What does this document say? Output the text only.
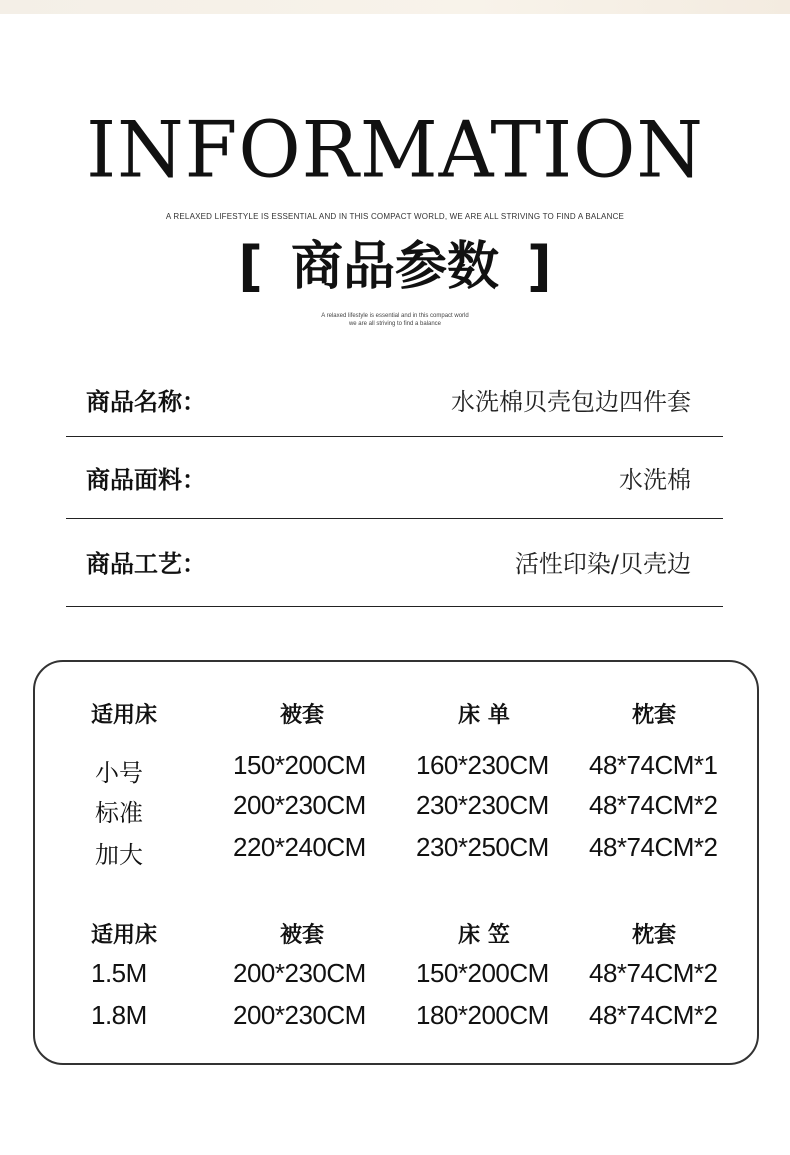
INFORMATION
A RELAXED LIFESTYLE IS ESSENTIAL AND IN THIS COMPACT WORLD, WE ARE ALL STRIVING TO FIND A BALANCE
[ 商品参数 ]
A relaxed lifestyle is essential and in this compact world
we are all striving to find a balance
商品名称：	水洗棉贝壳包边四件套
商品面料：	水洗棉
商品工艺：	活性印染/贝壳边
适用床	被套	床 单	枕套
小号	150*200CM 160*230CM 48*74CM*1
标准	200*230CM 230*230CM 48*74CM*2
加大	220*240CM 230*250CM 48*74CM*2
适用床	被套	床 笠	枕套
1.5M	200*230CM 150*200CM 48*74CM*2
1.8M	200*230CM 180*200CM 48*74CM*2
